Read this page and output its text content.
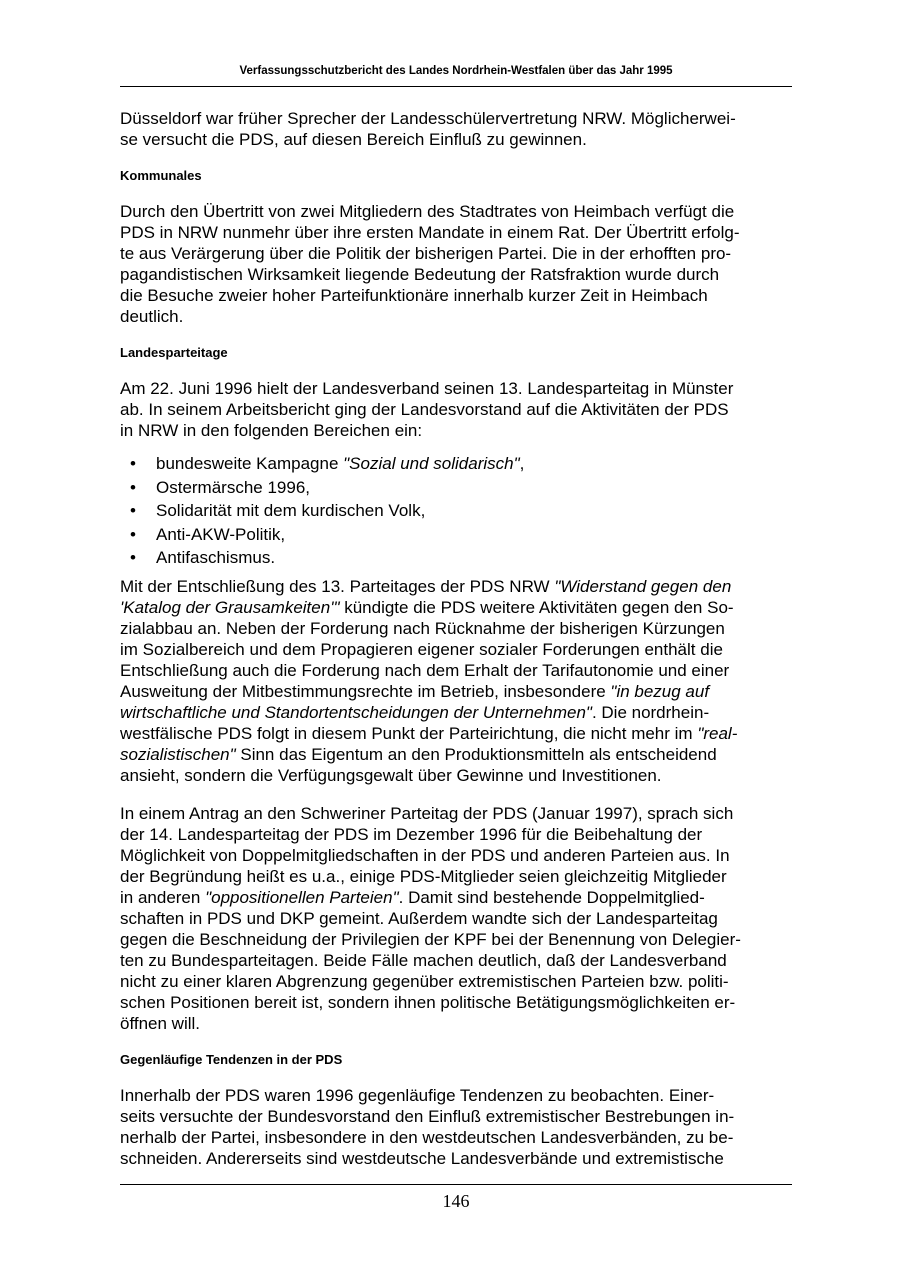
Verfassungsschutzbericht des Landes Nordrhein-Westfalen über das Jahr 1995

Düsseldorf war früher Sprecher der Landesschülervertretung NRW. Möglicherwei-
se versucht die PDS, auf diesen Bereich Einfluß zu gewinnen.

Kommunales

Durch den Übertritt von zwei Mitgliedern des Stadtrates von Heimbach verfügt die
PDS in NRW nunmehr über ihre ersten Mandate in einem Rat. Der Übertritt erfolg-
te aus Verärgerung über die Politik der bisherigen Partei. Die in der erhofften pro-
pagandistischen Wirksamkeit liegende Bedeutung der Ratsfraktion wurde durch
die Besuche zweier hoher Parteifunktionäre innerhalb kurzer Zeit in Heimbach
deutlich.

Landesparteitage

Am 22. Juni 1996 hielt der Landesverband seinen 13. Landesparteitag in Münster
ab. In seinem Arbeitsbericht ging der Landesvorstand auf die Aktivitäten der PDS
in NRW in den folgenden Bereichen ein:

• bundesweite Kampagne "Sozial und solidarisch",
• Ostermärsche 1996,
• Solidarität mit dem kurdischen Volk,
• Anti-AKW-Politik,
• Antifaschismus.

Mit der Entschließung des 13. Parteitages der PDS NRW "Widerstand gegen den
'Katalog der Grausamkeiten'" kündigte die PDS weitere Aktivitäten gegen den So-
zialabbau an. Neben der Forderung nach Rücknahme der bisherigen Kürzungen
im Sozialbereich und dem Propagieren eigener sozialer Forderungen enthält die
Entschließung auch die Forderung nach dem Erhalt der Tarifautonomie und einer
Ausweitung der Mitbestimmungsrechte im Betrieb, insbesondere "in bezug auf
wirtschaftliche und Standortentscheidungen der Unternehmen". Die nordrhein-
westfälische PDS folgt in diesem Punkt der Parteirichtung, die nicht mehr im "real-
sozialistischen" Sinn das Eigentum an den Produktionsmitteln als entscheidend
ansieht, sondern die Verfügungsgewalt über Gewinne und Investitionen.

In einem Antrag an den Schweriner Parteitag der PDS (Januar 1997), sprach sich
der 14. Landesparteitag der PDS im Dezember 1996 für die Beibehaltung der
Möglichkeit von Doppelmitgliedschaften in der PDS und anderen Parteien aus. In
der Begründung heißt es u.a., einige PDS-Mitglieder seien gleichzeitig Mitglieder
in anderen "oppositionellen Parteien". Damit sind bestehende Doppelmitglied-
schaften in PDS und DKP gemeint. Außerdem wandte sich der Landesparteitag
gegen die Beschneidung der Privilegien der KPF bei der Benennung von Delegier-
ten zu Bundesparteitagen. Beide Fälle machen deutlich, daß der Landesverband
nicht zu einer klaren Abgrenzung gegenüber extremistischen Parteien bzw. politi-
schen Positionen bereit ist, sondern ihnen politische Betätigungsmöglichkeiten er-
öffnen will.

Gegenläufige Tendenzen in der PDS

Innerhalb der PDS waren 1996 gegenläufige Tendenzen zu beobachten. Einer-
seits versuchte der Bundesvorstand den Einfluß extremistischer Bestrebungen in-
nerhalb der Partei, insbesondere in den westdeutschen Landesverbänden, zu be-
schneiden. Andererseits sind westdeutsche Landesverbände und extremistische

146
